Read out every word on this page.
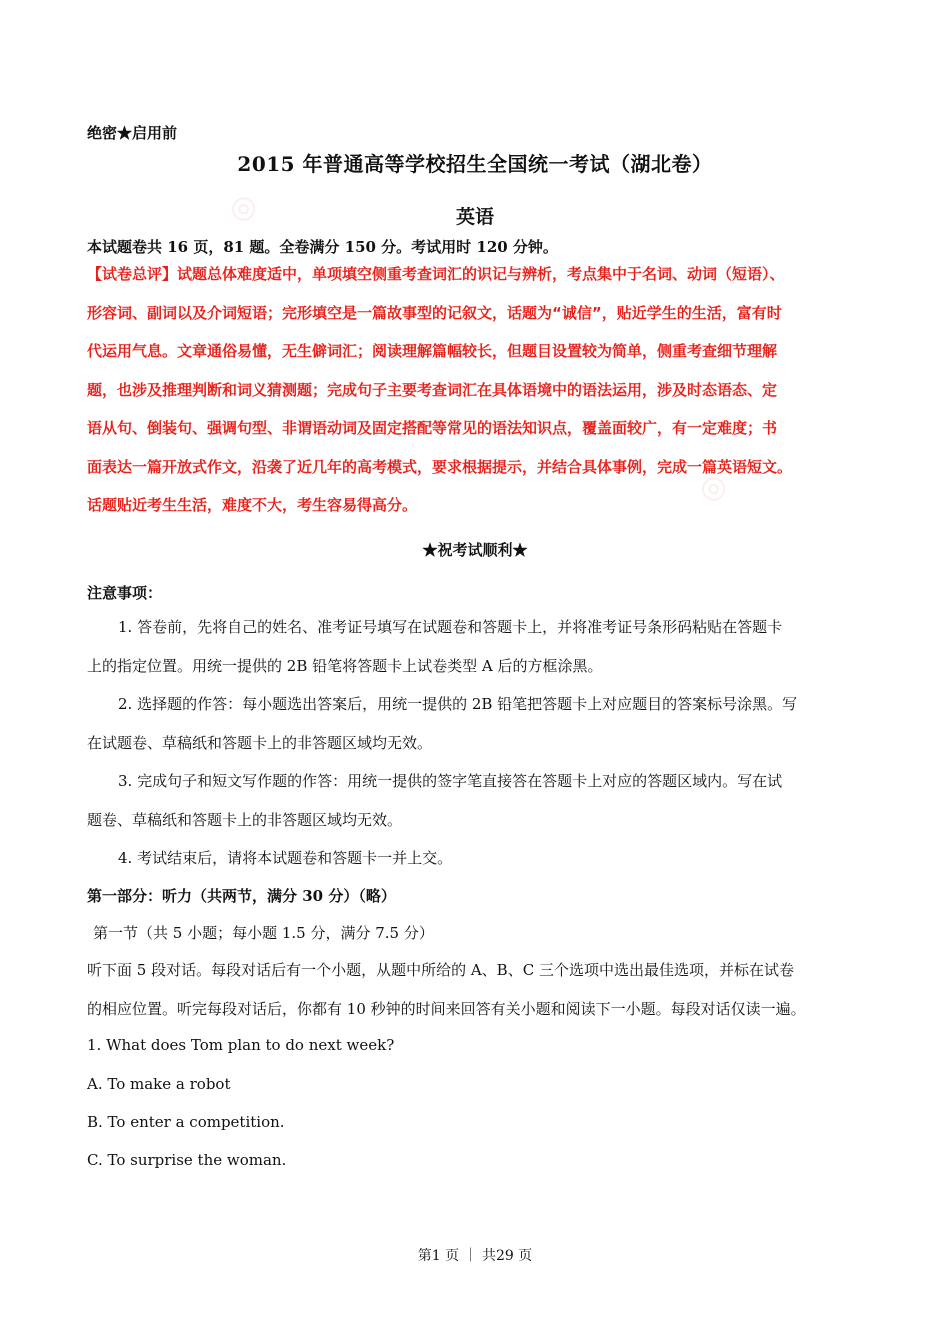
◎
◎
绝密★启用前
2015 年普通高等学校招生全国统一考试（湖北卷）
英语
本试题卷共 16 页，81 题。全卷满分 150 分。考试用时 120 分钟。
【试卷总评】试题总体难度适中，单项填空侧重考查词汇的识记与辨析，考点集中于名词、动词（短语）、
形容词、副词以及介词短语；完形填空是一篇故事型的记叙文，话题为“诚信”，贴近学生的生活，富有时
代运用气息。文章通俗易懂，无生僻词汇；阅读理解篇幅较长，但题目设置较为简单，侧重考查细节理解
题，也涉及推理判断和词义猜测题；完成句子主要考查词汇在具体语境中的语法运用，涉及时态语态、定
语从句、倒装句、强调句型、非谓语动词及固定搭配等常见的语法知识点，覆盖面较广，有一定难度；书
面表达一篇开放式作文，沿袭了近几年的高考模式，要求根据提示，并结合具体事例，完成一篇英语短文。
话题贴近考生生活，难度不大，考生容易得高分。
★祝考试顺利★
注意事项：
1. 答卷前，先将自己的姓名、准考证号填写在试题卷和答题卡上，并将准考证号条形码粘贴在答题卡
上的指定位置。用统一提供的 2B 铅笔将答题卡上试卷类型 A 后的方框涂黑。
2. 选择题的作答：每小题选出答案后，用统一提供的 2B 铅笔把答题卡上对应题目的答案标号涂黑。写
在试题卷、草稿纸和答题卡上的非答题区域均无效。
3. 完成句子和短文写作题的作答：用统一提供的签字笔直接答在答题卡上对应的答题区域内。写在试
题卷、草稿纸和答题卡上的非答题区域均无效。
4. 考试结束后，请将本试题卷和答题卡一并上交。
第一部分：听力（共两节，满分 30 分）（略）
第一节（共 5 小题；每小题 1.5 分，满分 7.5 分）
听下面 5 段对话。每段对话后有一个小题，从题中所给的 A、B、C 三个选项中选出最佳选项，并标在试卷
的相应位置。听完每段对话后，你都有 10 秒钟的时间来回答有关小题和阅读下一小题。每段对话仅读一遍。
1. What does Tom plan to do next week?
A. To make a robot
B. To enter a competition.
C. To surprise the woman.
第1 页 ｜ 共29 页
